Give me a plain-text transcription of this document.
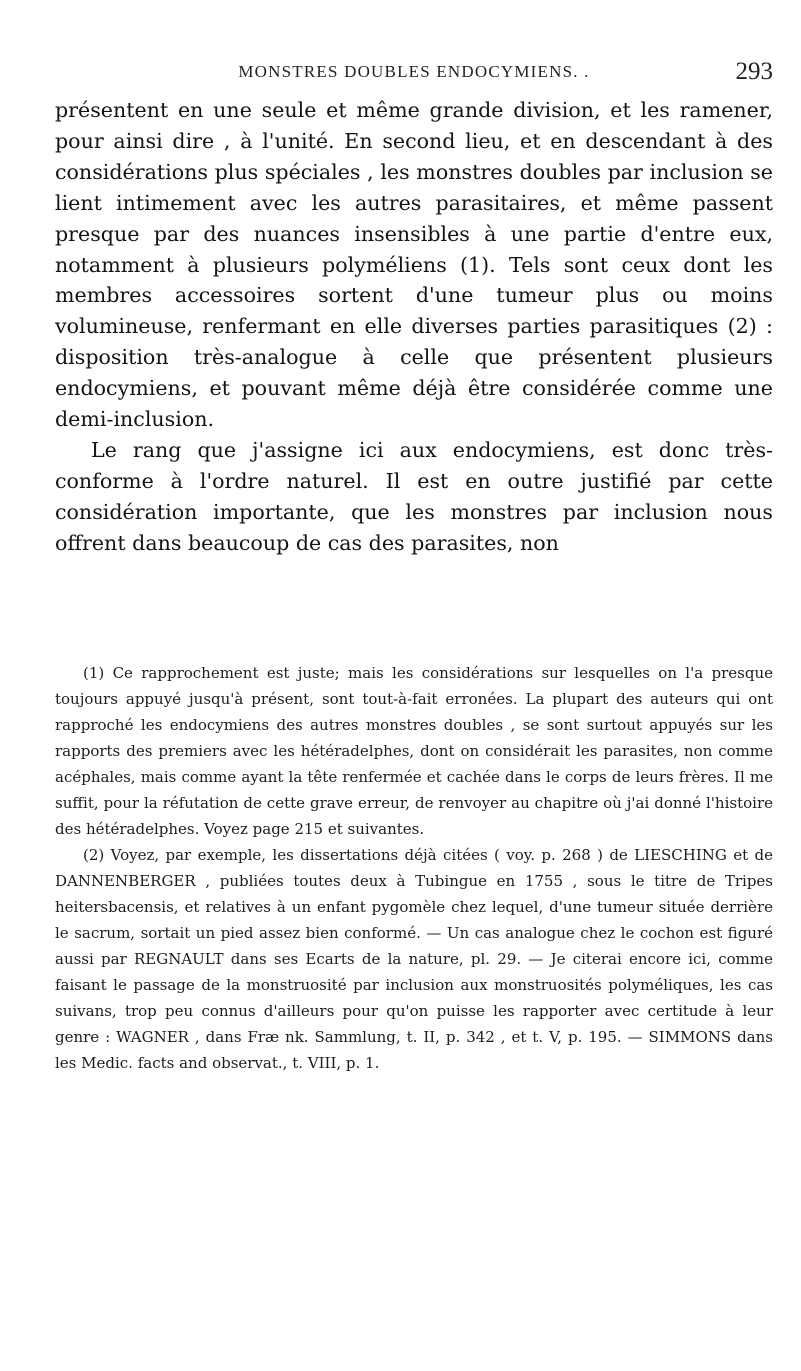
MONSTRES DOUBLES ENDOCYMIENS. .	293

présentent en une seule et même grande division, et les ramener, pour ainsi dire , à l'unité. En second lieu, et en descendant à des considérations plus spéciales , les monstres doubles par inclusion se lient intimement avec les autres parasitaires, et même passent presque par des nuances insensibles à une partie d'entre eux, notamment à plusieurs polyméliens (1). Tels sont ceux dont les membres accessoires sortent d'une tumeur plus ou moins volumineuse, renfermant en elle diverses parties parasitiques (2) : disposition très-analogue à celle que présentent plusieurs endocymiens, et pouvant même déjà être considérée comme une demi-inclusion.

Le rang que j'assigne ici aux endocymiens, est donc très-conforme à l'ordre naturel. Il est en outre justifié par cette considération importante, que les monstres par inclusion nous offrent dans beaucoup de cas des parasites, non

(1) Ce rapprochement est juste; mais les considérations sur lesquelles on l'a presque toujours appuyé jusqu'à présent, sont tout-à-fait erronées. La plupart des auteurs qui ont rapproché les endocymiens des autres monstres doubles , se sont surtout appuyés sur les rapports des premiers avec les hétéradelphes, dont on considérait les parasites, non comme acéphales, mais comme ayant la tête renfermée et cachée dans le corps de leurs frères. Il me suffit, pour la réfutation de cette grave erreur, de renvoyer au chapitre où j'ai donné l'histoire des hétéradelphes. Voyez page 215 et suivantes.

(2) Voyez, par exemple, les dissertations déjà citées ( voy. p. 268 ) de LIESCHING et de DANNENBERGER , publiées toutes deux à Tubingue en 1755 , sous le titre de Tripes heitersbacensis, et relatives à un enfant pygomèle chez lequel, d'une tumeur située derrière le sacrum, sortait un pied assez bien conformé. — Un cas analogue chez le cochon est figuré aussi par REGNAULT dans ses Ecarts de la nature, pl. 29. — Je citerai encore ici, comme faisant le passage de la monstruosité par inclusion aux monstruosités polyméliques, les cas suivans, trop peu connus d'ailleurs pour qu'on puisse les rapporter avec certitude à leur genre : WAGNER , dans Fræ nk. Sammlung, t. II, p. 342 , et t. V, p. 195. — SIMMONS dans les Medic. facts and observat., t. VIII, p. 1.
